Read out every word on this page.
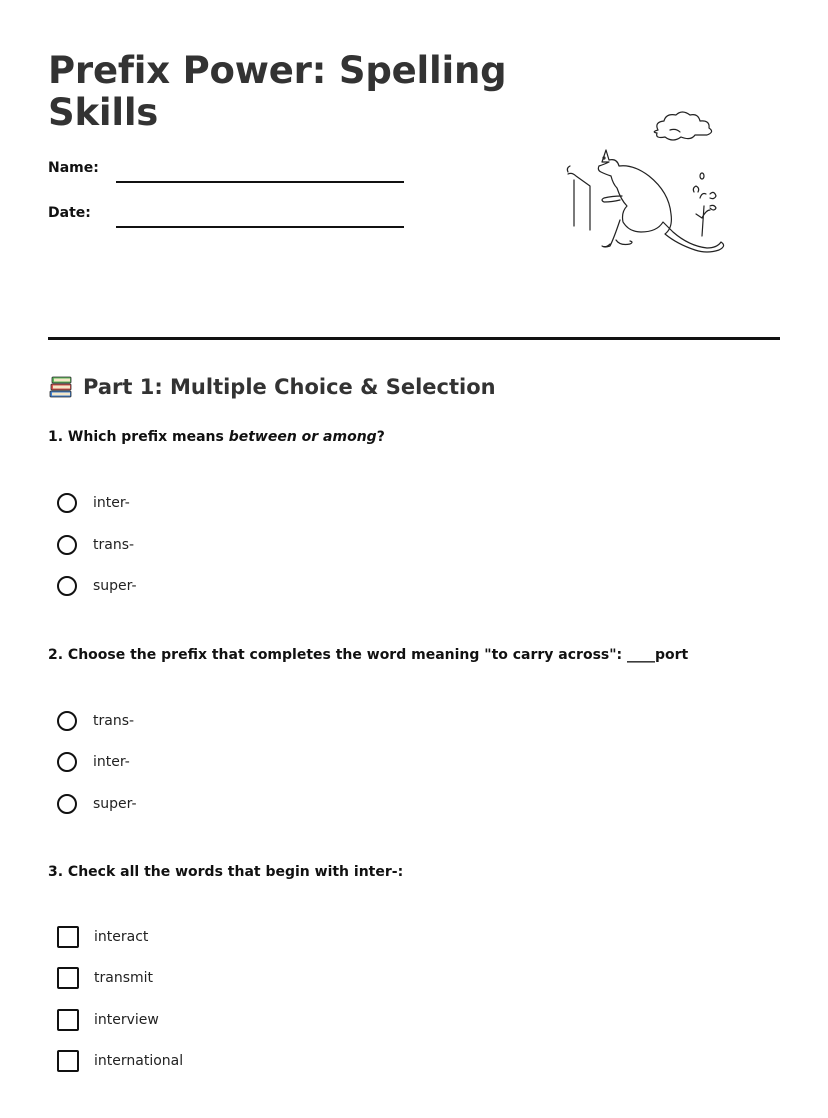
Prefix Power: Spelling Skills
Name:
Date:
Part 1: Multiple Choice & Selection

1. Which prefix means between or among?

inter-
trans-
super-

2. Choose the prefix that completes the word meaning "to carry across": ____port

trans-
inter-
super-

3. Check all the words that begin with inter-:

interact
transmit
interview
international
